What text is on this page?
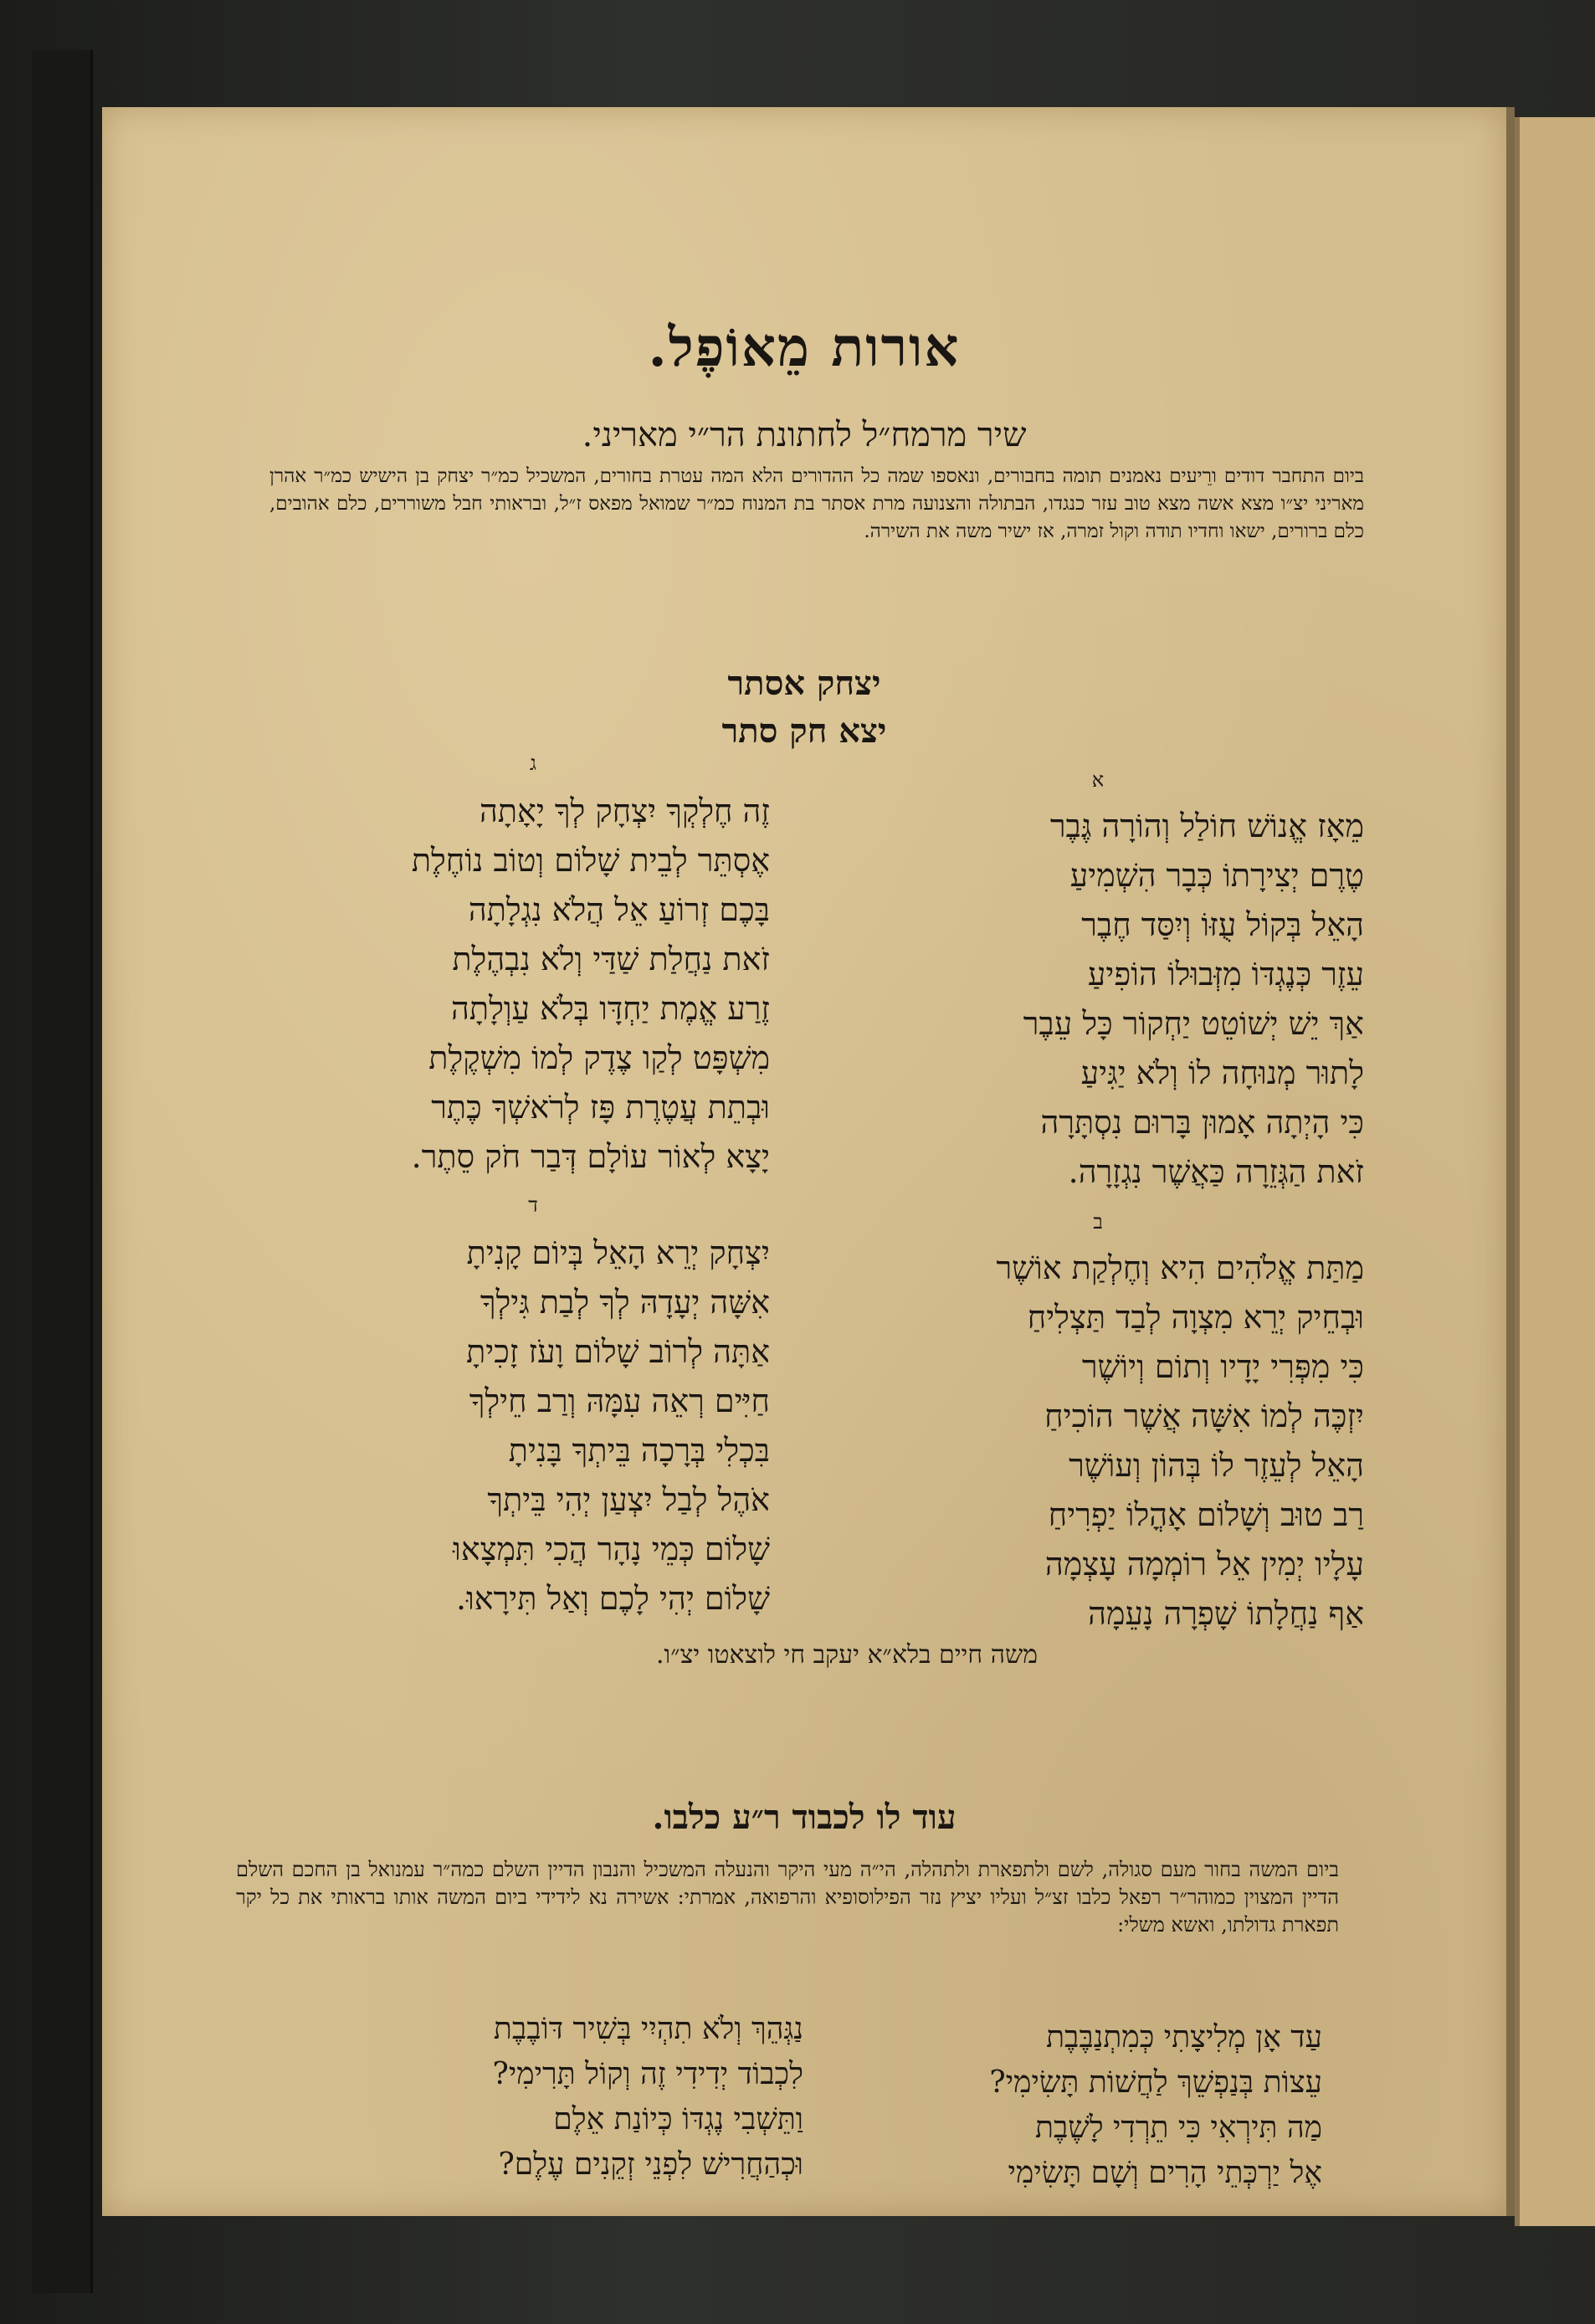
אורות מֵאוֹפֶל.
שיר מרמח״ל לחתונת הר״י מאריני.
ביום התחבר דודים ורֵיעים נאמנים תומה בחבורים, ונאספו שמה כל ההדורים הלא המה עטרת בחורים, המשכיל כמ״ר יצחק בן הישיש כמ״ר אהרן מאריני יצ״ו מצא אשה מצא טוב עזר כנגדו, הבתולה והצנועה מרת אסתר בת המנוח כמ״ר שמואל מפאס ז״ל, ובראותי חבל משוררים, כלם אהובים, כלם ברורים, ישאו וחדיו תודה וקול זמרה, אז ישיר משה את השירה.
יצחק אסתר
יצא חק סתר
א
ג
מֵאָז אֱנוֹשׁ חוֹלַל וְהוֹרָה גֶּבֶר
טֶרֶם יְצִירָתוֹ כְּבָר הִשְׁמִיעַ
הָאֵל בְּקוֹל עֻזּוֹ וְיִסַּד חֶבֶר
עֵזֶר כְּנֶגְדּוֹ מִזְּבוּלוֹ הוֹפִיעַ
אַךְ יֵשׁ יְשׁוֹטֵט יַחְקוֹר כָּל עֵבֶר
לָתוּר מְנוּחָה לוֹ וְלֹא יַגִּיעַ
כִּי הָיְתָה אָמוּן בָּרוּם נִסְתָּרָה
זֹאת הַגְּזֵרָה כַּאֲשֶׁר נִגְזָרָה.
זֶה חֶלְקְךָ יִצְחָק לְךָ יָאָתָה
אֶסְתֵּר לְבֵית שָׁלוֹם וְטוֹב נוֹחֶלֶת
בָּכֶם זְרוֹעַ אֵל הֲלֹא נִגְלָתָה
זֹאת נַחֲלַת שַׁדַּי וְלֹא נִבְהֶלֶת
זֶרַע אֱמֶת יַחְדָּו בְּלֹא עַוְלָתָה
מִשְׁפָּט לְקַו צֶדֶק לְמוֹ מִשְׁקֶלֶת
וּבְתֵת עֲטֶרֶת פָּז לְרֹאשְׁךָ כֶּתֶר
יָצָא לְאוֹר עוֹלָם דְּבַר חֹק סֵתֶר.
ב
ד
מַתַּת אֱלֹהִים הִיא וְחֶלְקַת אוֹשֶׁר
וּבְחֵיק יְרֵא מִצְוָה לְבַד תַּצְלִיחַ
כִּי מִפְּרִי יָדָיו וְתוֹם וְיוֹשֶׁר
יִזְכֶּה לְמוֹ אִשָּׁה אֲשֶׁר הוֹכִיחַ
הָאֵל לְעֵזֶר לוֹ בְּהוֹן וְעוֹשֶׁר
רַב טוּב וְשָׁלוֹם אָהֳלוֹ יַפְרִיחַ
עָלָיו יְמִין אֵל רוֹמְמָה עָצְמָה
אַף נַחֲלָתוֹ שָׁפְרָה נָעֵמָה
יִצְחָק יְרֵא הָאֵל בְּיוֹם קָנִיתָ
אִשָּׁה יְעָדָהּ לְךָ לְבַת גִּילְךָ
אַתָּה לְרוֹב שָׁלוֹם וָעֹז זָכִיתָ
חַיִּים רְאֵה עִמָּהּ וְרַב חֵילְךָ
בִּכְלִי בְּרָכָה בֵּיתְךָ בָּנִיתָ
אֹהֶל לְבַל יִצְעַן יְהִי בֵּיתְךָ
שָׁלוֹם כְּמֵי נָהָר הֲכִי תִּמְצָאוּ
שָׁלוֹם יְהִי לָכֶם וְאַל תִּירָאוּ.
משה חיים בלא״א יעקב חי לוצאטו יצ״ו.
עוד לו לכבוד ר״ע כלבו.
ביום המשה בחור מעם סגולה, לשם ולתפארת ולתהלה, הי״ה מעי היקר והנעלה המשכיל והנבון הדיין השלם כמה״ר עמנואל בן החכם השלם הדיין המצוין כמוהר״ר רפאל כלבו זצ״ל ועליו יציץ נזר הפילוסופיא והרפואה, אמרתי: אשירה נא לידידי ביום המשה אותו בראותי את כל יקר תפארת גדולתו, ואשא משלי:
עַד אָן מְלִיצָתִי כְּמִתְנַבֶּבֶת
עֵצוֹת בְּנַפְשֵׁךְ לַחֲשׁוֹת תָּשִׂימִי?
מַה תִּירְאִי כִּי תֵרְדִי לָשֶׁבֶת
אֶל יַרְכְּתֵי הָרִים וְשָׁם תָּשִׂימִי
נַגְּהֵךְ וְלֹא תִהְיִי בְּשִׁיר דּוֹבֶבֶת
לִכְבוֹד יְדִידִי זֶה וְקוֹל תָּרִימִי?
וַתֵּשְׁבִי נֶגְדּוֹ כְּיוֹנַת אֵלֶם
וּכְהַחֲרִישׁ לִפְנֵי זְקֵנִים עֶלֶם?
